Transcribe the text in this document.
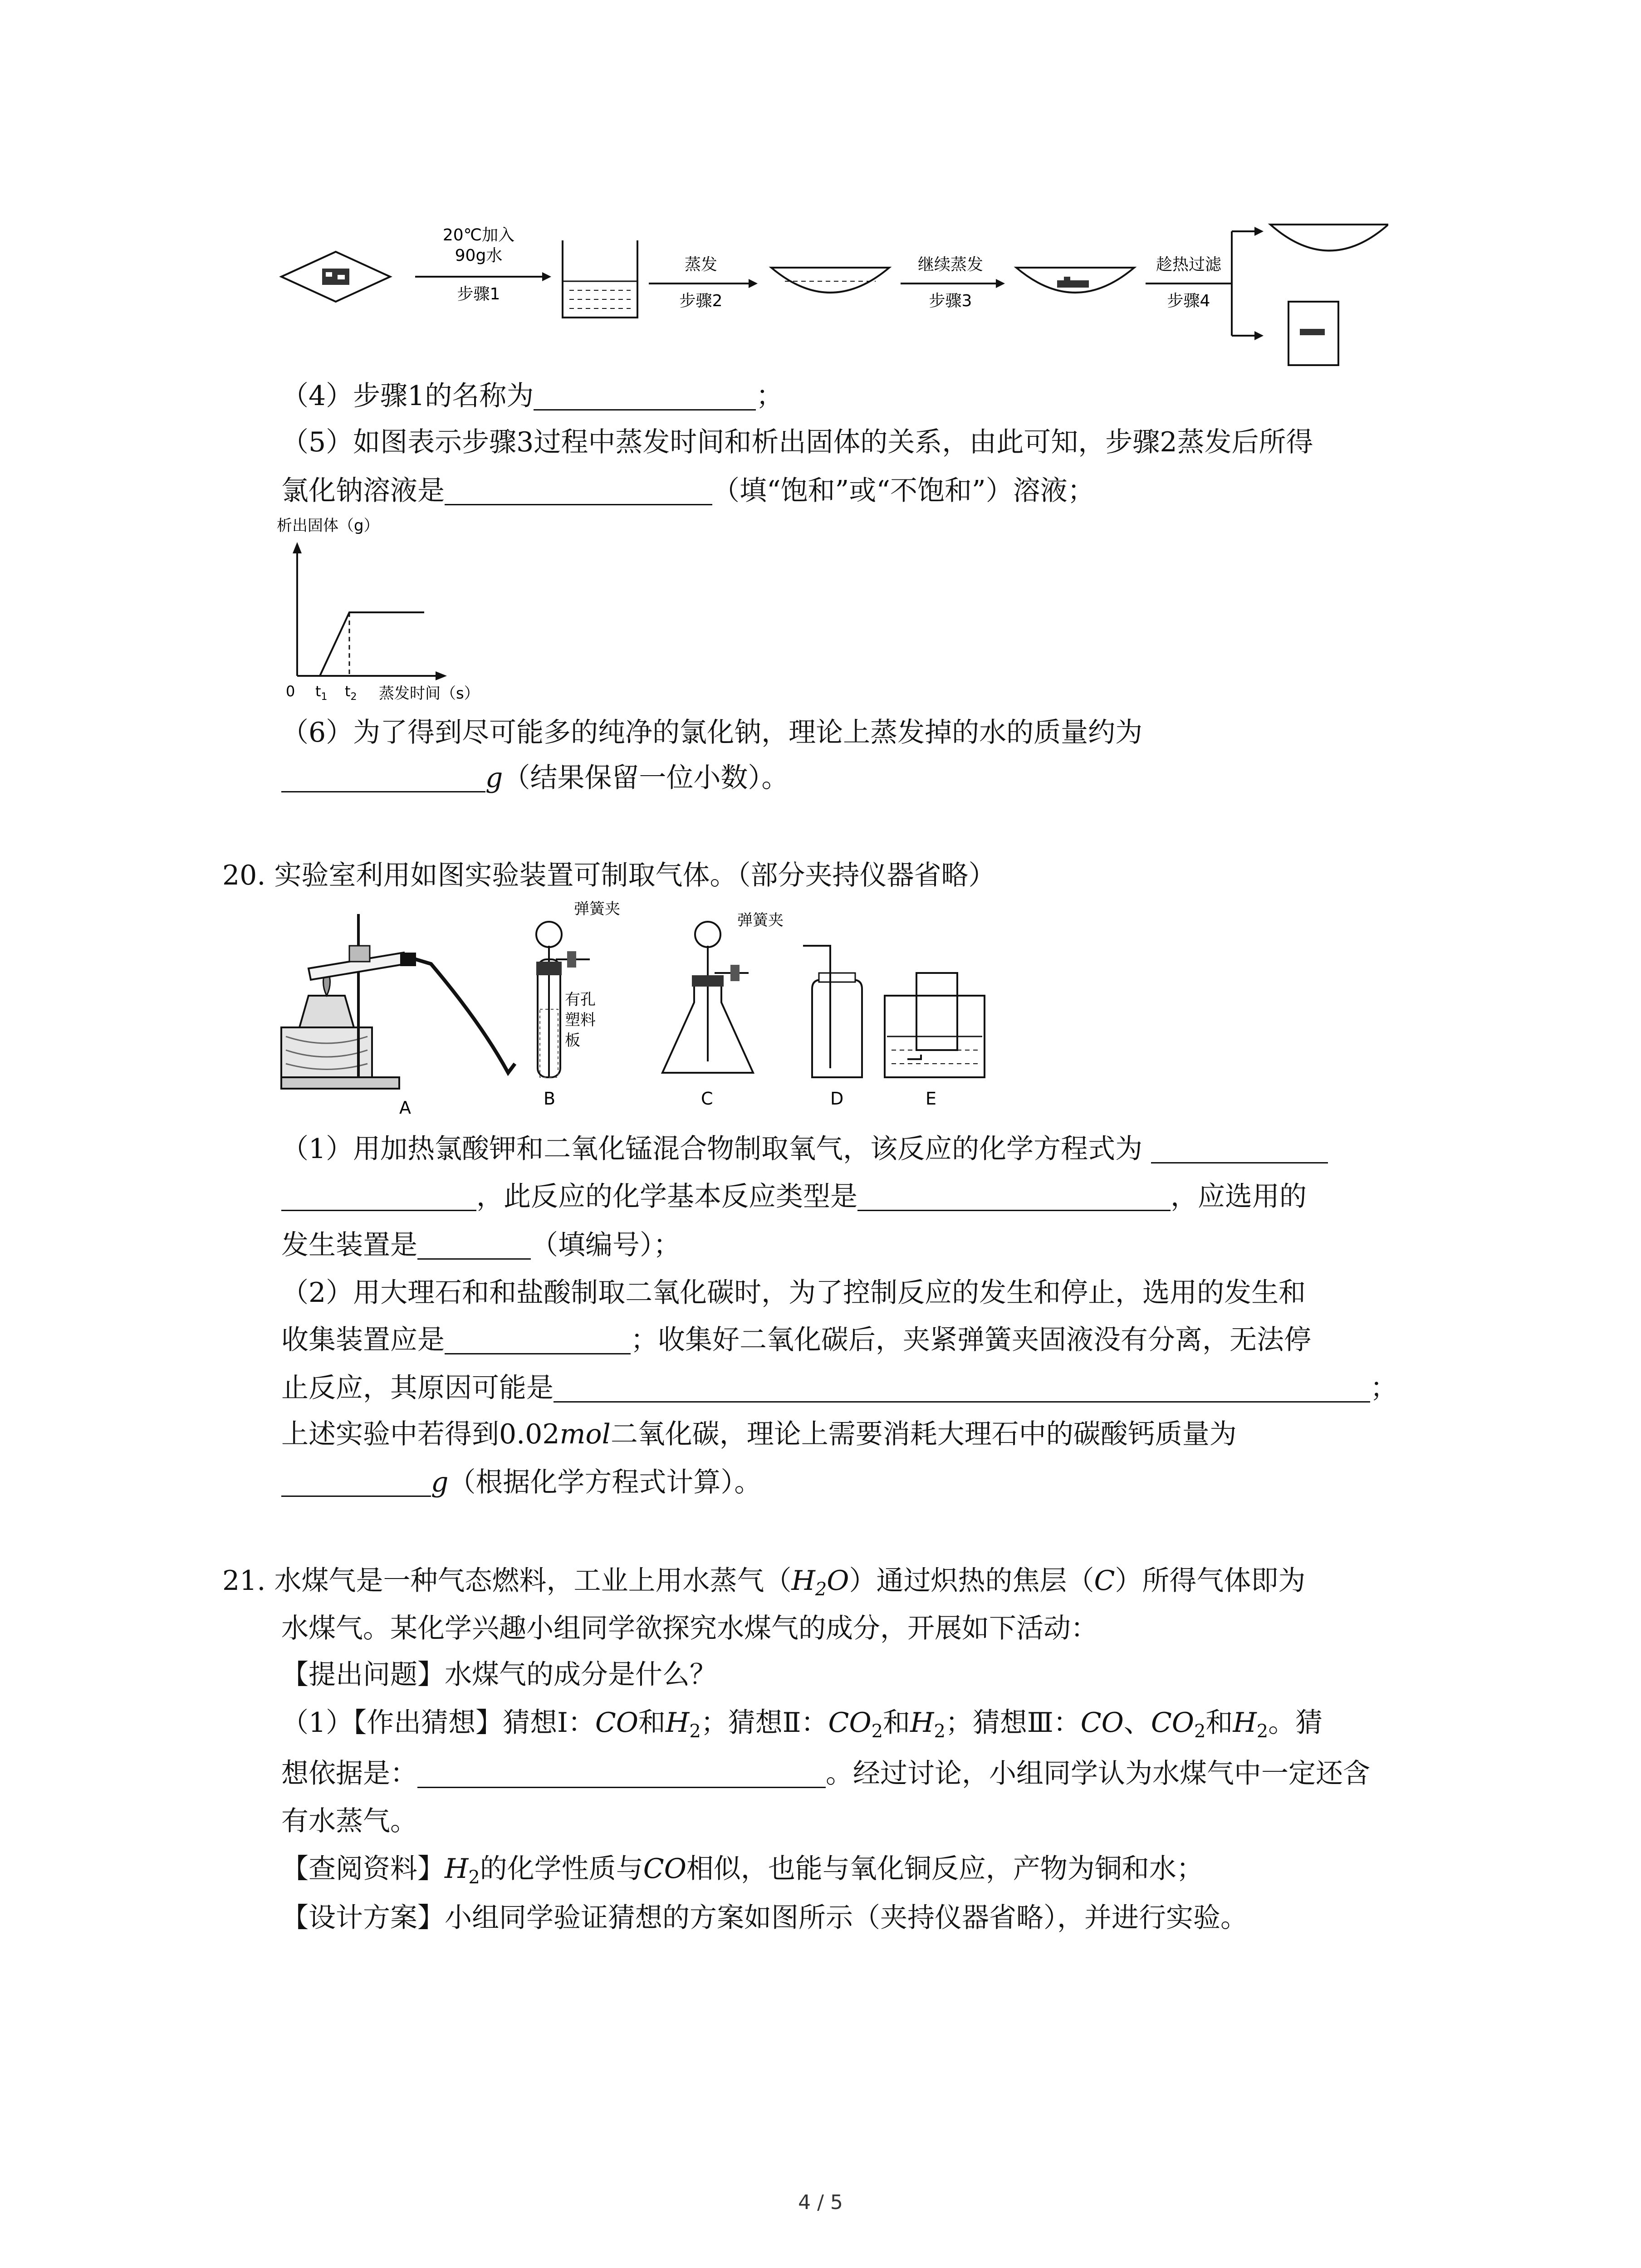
20℃加入
90g水
步骤1
蒸发
步骤2
继续蒸发
步骤3
趁热过滤
步骤4
（4）步骤1的名称为	；
（5）如图表示步骤3过程中蒸发时间和析出固体的关系，由此可知，步骤2蒸发后所得
氯化钠溶液是	（填“饱和”或“不饱和”）溶液；
析出固体（g）
0 $t_1$ $t_2$ 蒸发时间（s）
（6）为了得到尽可能多的纯净的氯化钠，理论上蒸发掉的水的质量约为
g（结果保留一位小数）。
20. 实验室利用如图实验装置可制取气体。（部分夹持仪器省略）
A
弹簧夹
有孔
塑料
板
B
弹簧夹
C	D	E
（1）用加热氯酸钾和二氧化锰混合物制取氧气，该反应的化学方程式为
，此反应的化学基本反应类型是	，应选用的
发生装置是	（填编号）；
（2）用大理石和和盐酸制取二氧化碳时，为了控制反应的发生和停止，选用的发生和
收集装置应是	；收集好二氧化碳后，夹紧弹簧夹固液没有分离，无法停
止反应，其原因可能是	；
上述实验中若得到0.02mol二氧化碳，理论上需要消耗大理石中的碳酸钙质量为
g（根据化学方程式计算）。
21. 水煤气是一种气态燃料，工业上用水蒸气$(H_2O)$通过炽热的焦层（C）所得气体即为
水煤气。某化学兴趣小组同学欲探究水煤气的成分，开展如下活动：
【提出问题】水煤气的成分是什么？
（1）【作出猜想】猜想Ⅰ：CO和$H_2$；猜想Ⅱ：$CO_2$和$H_2$；猜想Ⅲ：CO、$CO_2$和$H_2$。猜
想依据是：	。经过讨论，小组同学认为水煤气中一定还含
有水蒸气。
【查阅资料】$H_2$的化学性质与CO相似，也能与氧化铜反应，产物为铜和水；
【设计方案】小组同学验证猜想的方案如图所示（夹持仪器省略），并进行实验。
4 / 5
